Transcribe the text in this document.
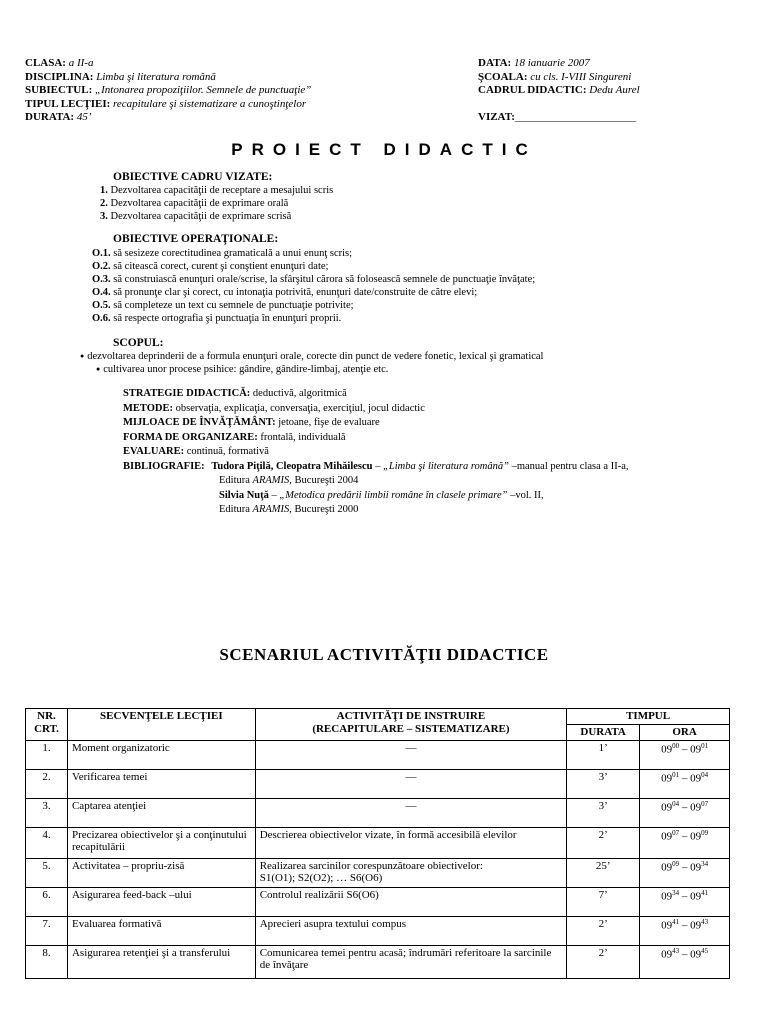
CLASA: a II-a
DISCIPLINA: Limba şi literatura română
SUBIECTUL: „Intonarea propoziţiilor. Semnele de punctuaţie”
TIPUL LECŢIEI: recapitulare şi sistematizare a cunoştinţelor
DURATA: 45’
DATA: 18 ianuarie 2007
ŞCOALA: cu cls. I-VIII Singureni
CADRUL DIDACTIC: Dedu Aurel

VIZAT:______________________
PROIECT DIDACTIC
OBIECTIVE CADRU VIZATE:
1. Dezvoltarea capacităţii de receptare a mesajului scris
2. Dezvoltarea capacităţii de exprimare orală
3. Dezvoltarea capacităţii de exprimare scrisă
OBIECTIVE OPERAŢIONALE:
O.1. să sesizeze corectitudinea gramaticală a unui enunţ scris;
O.2. să citească corect, curent şi conştient enunţuri date;
O.3. să construiască enunţuri orale/scrise, la sfârşitul cărora să folosească semnele de punctuaţie învăţate;
O.4. să pronunţe clar şi corect, cu intonaţia potrivită, enunţuri date/construite de către elevi;
O.5. să completeze un text cu semnele de punctuaţie potrivite;
O.6. să respecte ortografia şi punctuaţia în enunţuri proprii.
SCOPUL:
● dezvoltarea deprinderii de a formula enunţuri orale, corecte din punct de vedere fonetic, lexical şi gramatical
● cultivarea unor procese psihice: gândire, gândire-limbaj, atenţie etc.
STRATEGIE DIDACTICĂ: deductivă, algoritmică
METODE: observaţia, explicaţia, conversaţia, exerciţiul, jocul didactic
MIJLOACE DE ÎNVĂŢĂMÂNT: jetoane, fişe de evaluare
FORMA DE ORGANIZARE: frontală, individuală
EVALUARE: continuă, formativă
BIBLIOGRAFIE: Tudora Piţilă, Cleopatra Mihăilescu – „Limba şi literatura română” –manual pentru clasa a II-a,
Editura ARAMIS, Bucureşti 2004
Silvia Nuţă – „Metodica predării limbii române în clasele primare” –vol. II,
Editura ARAMIS, Bucureşti 2000
SCENARIUL ACTIVITĂŢII DIDACTICE
NR.
CRT.	SECVENŢELE LECŢIEI	ACTIVITĂŢI DE INSTRUIRE
(RECAPITULARE – SISTEMATIZARE)	TIMPUL	
			DURATA	ORA
1.	Moment organizatoric	—	1’	$09^{00} - 09^{01}$
2.	Verificarea temei	—	3’	$09^{01} - 09^{04}$
3.	Captarea atenţiei	—	3’	$09^{04} - 09^{07}$
4.	Precizarea obiectivelor şi a conţinutului recapitulării	Descrierea obiectivelor vizate, în formă accesibilă elevilor	2’	$09^{07} - 09^{09}$
5.	Activitatea – propriu-zisă	Realizarea sarcinilor corespunzătoare obiectivelor:
S1(O1); S2(O2); … S6(O6)	25’	$09^{09} - 09^{34}$
6.	Asigurarea feed-back –ului	Controlul realizării S6(O6)	7’	$09^{34} - 09^{41}$
7.	Evaluarea formativă	Aprecieri asupra textului compus	2’	$09^{41} - 09^{43}$
8.	Asigurarea retenţiei şi a transferului	Comunicarea temei pentru acasă; îndrumări referitoare la sarcinile de învăţare	2’	$09^{43} - 09^{45}$
